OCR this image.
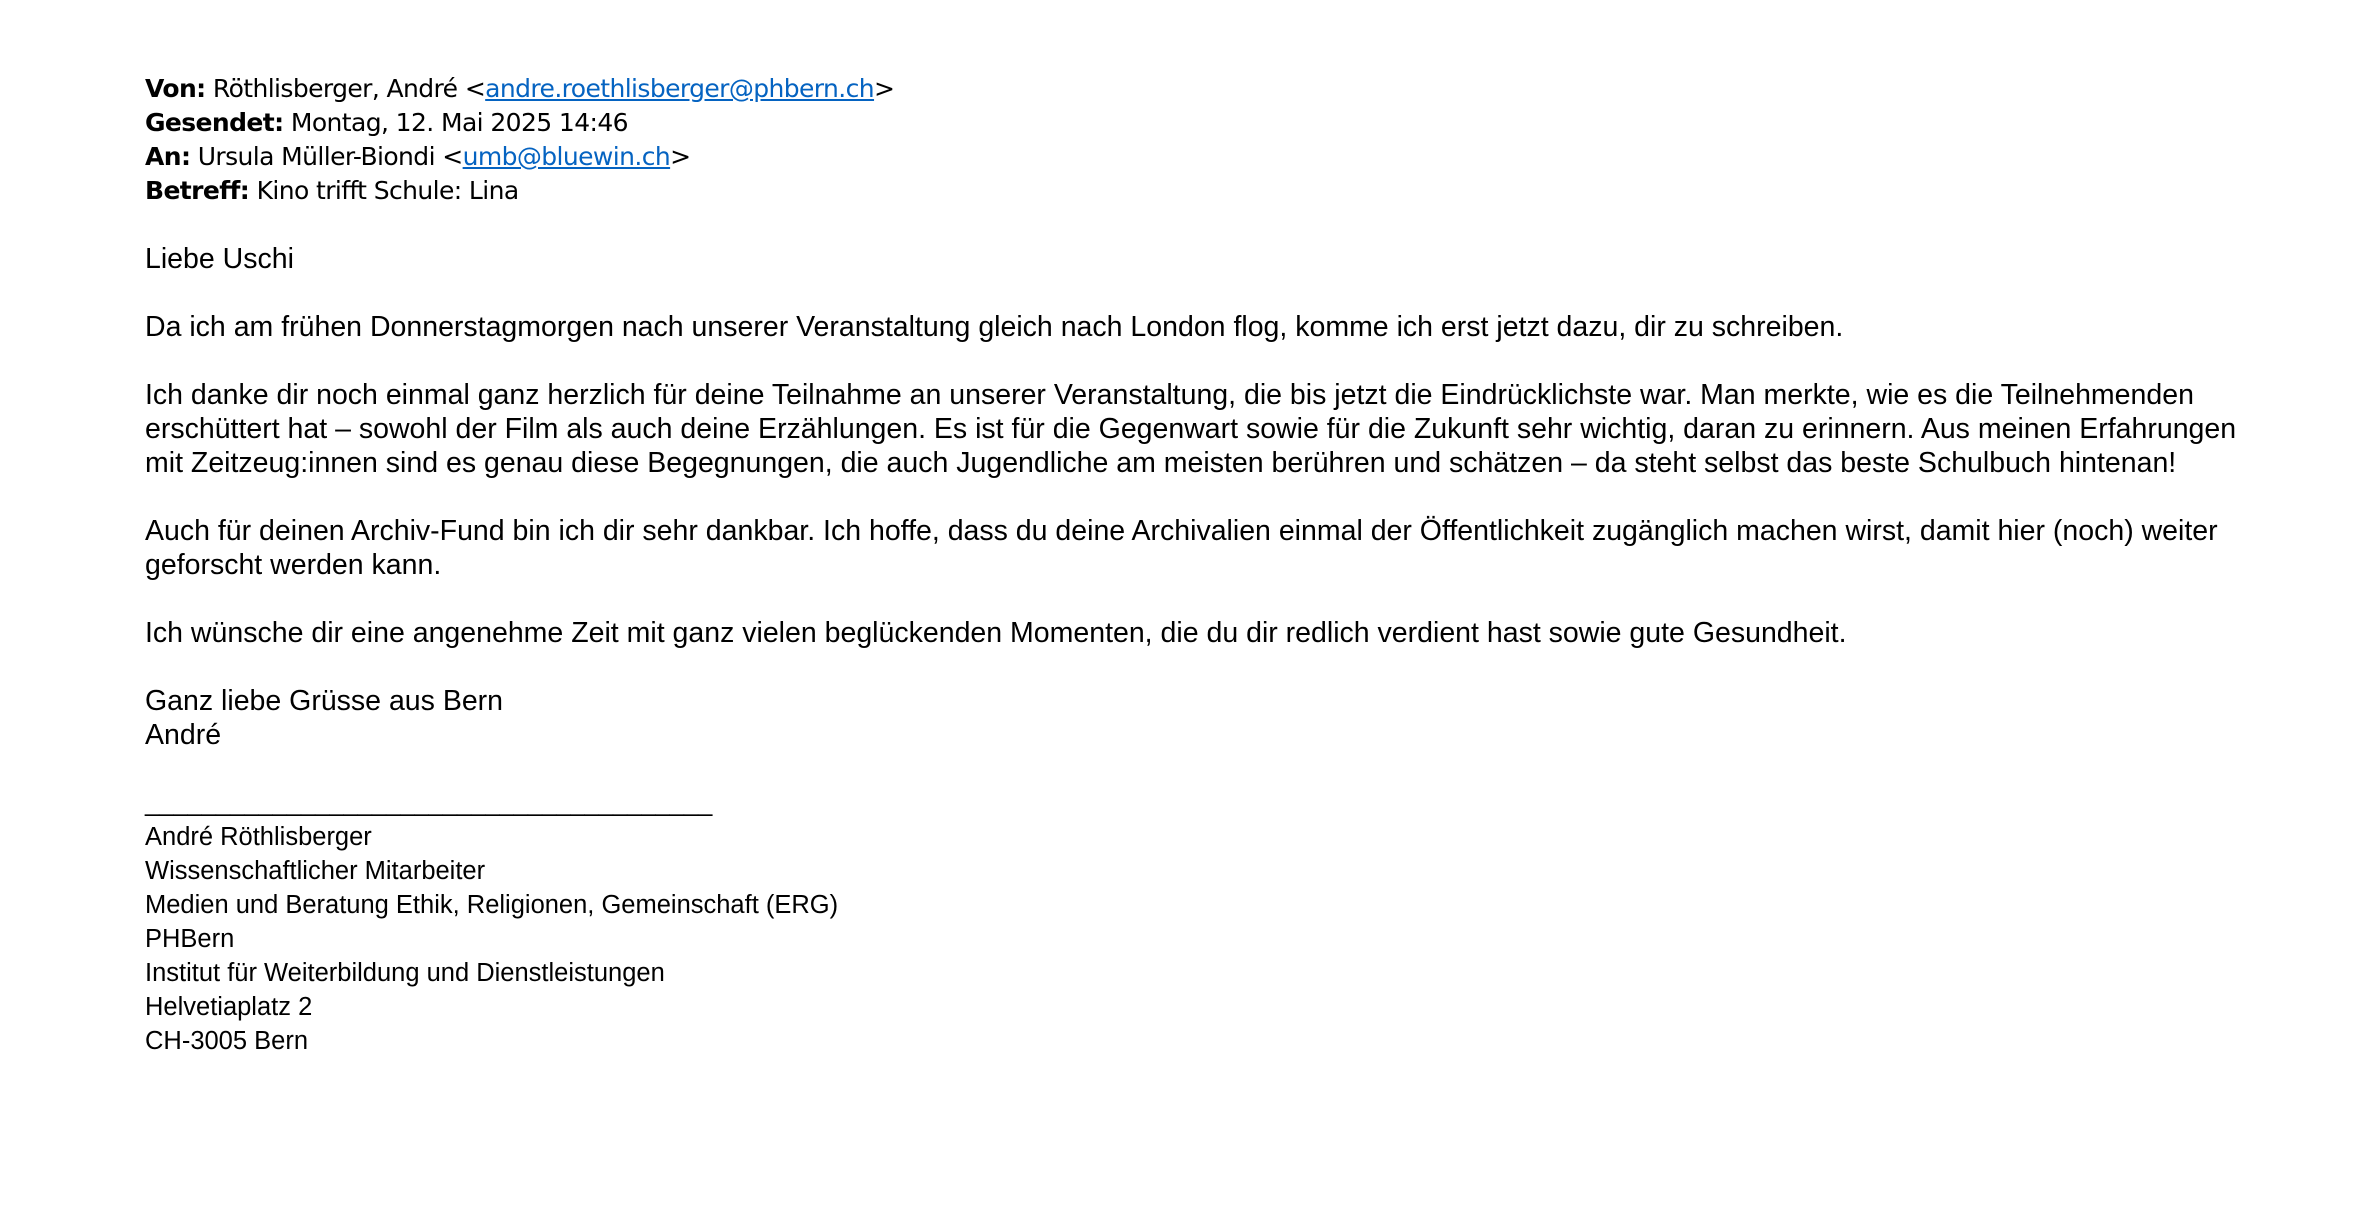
Von: Röthlisberger, André <andre.roethlisberger@phbern.ch>
Gesendet: Montag, 12. Mai 2025 14:46
An: Ursula Müller-Biondi <umb@bluewin.ch>
Betreff: Kino trifft Schule: Lina

Liebe Uschi

Da ich am frühen Donnerstagmorgen nach unserer Veranstaltung gleich nach London flog, komme ich erst jetzt dazu, dir zu schreiben.

Ich danke dir noch einmal ganz herzlich für deine Teilnahme an unserer Veranstaltung, die bis jetzt die Eindrücklichste war. Man merkte, wie es die Teilnehmenden erschüttert hat – sowohl der Film als auch deine Erzählungen. Es ist für die Gegenwart sowie für die Zukunft sehr wichtig, daran zu erinnern. Aus meinen Erfahrungen mit Zeitzeug:innen sind es genau diese Begegnungen, die auch Jugendliche am meisten berühren und schätzen – da steht selbst das beste Schulbuch hintenan!

Auch für deinen Archiv-Fund bin ich dir sehr dankbar. Ich hoffe, dass du deine Archivalien einmal der Öffentlichkeit zugänglich machen wirst, damit hier (noch) weiter geforscht werden kann.

Ich wünsche dir eine angenehme Zeit mit ganz vielen beglückenden Momenten, die du dir redlich verdient hast sowie gute Gesundheit.

Ganz liebe Grüsse aus Bern

André

________________________________________

André Röthlisberger
Wissenschaftlicher Mitarbeiter
Medien und Beratung Ethik, Religionen, Gemeinschaft (ERG)
PHBern
Institut für Weiterbildung und Dienstleistungen
Helvetiaplatz 2
CH-3005 Bern
